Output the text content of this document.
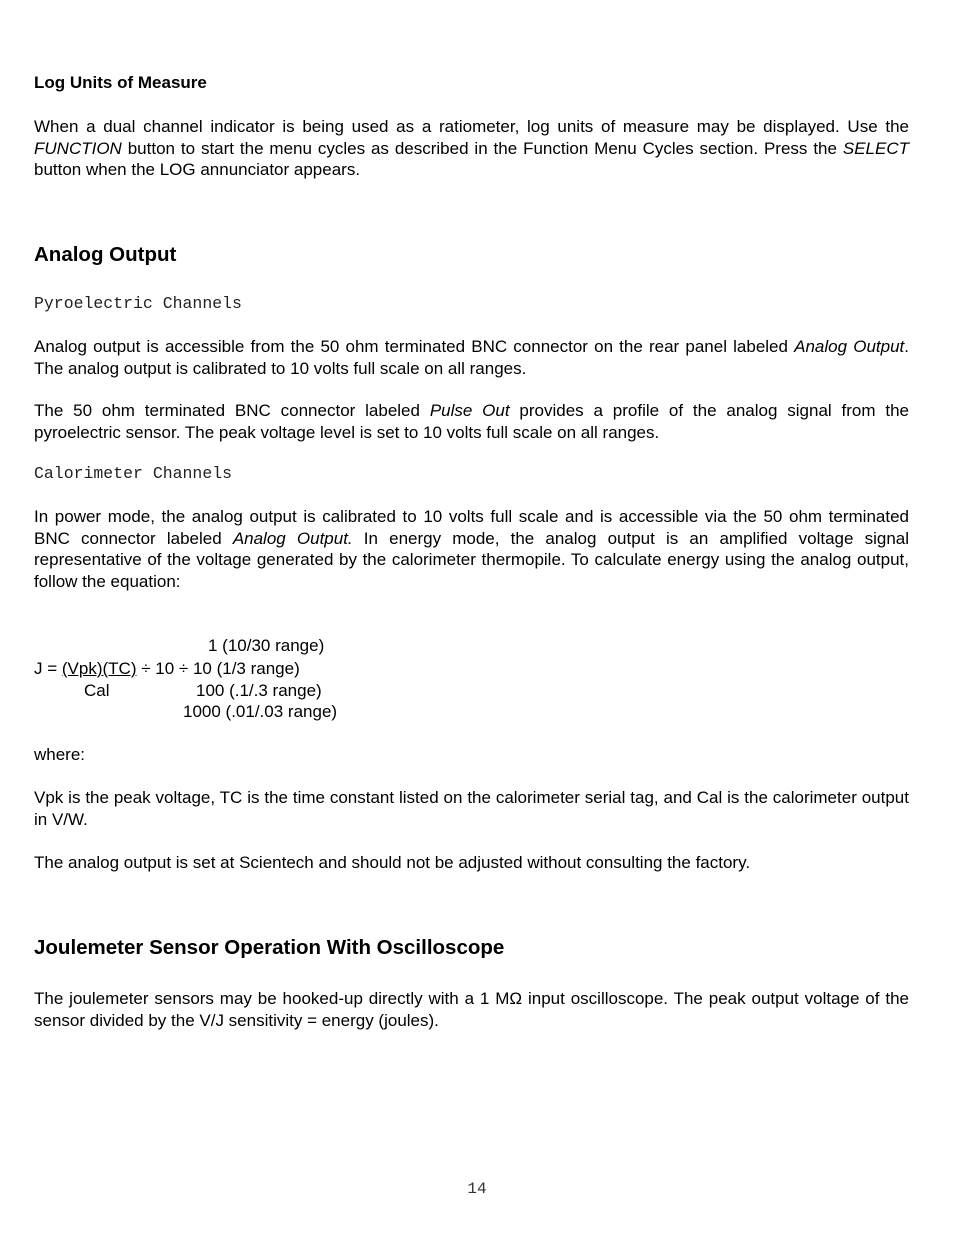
Log Units of Measure

When a dual channel indicator is being used as a ratiometer, log units of measure may be displayed. Use the FUNCTION button to start the menu cycles as described in the Function Menu Cycles section. Press the SELECT button when the LOG annunciator appears.

Analog Output

Pyroelectric Channels

Analog output is accessible from the 50 ohm terminated BNC connector on the rear panel labeled Analog Output. The analog output is calibrated to 10 volts full scale on all ranges.

The 50 ohm terminated BNC connector labeled Pulse Out provides a profile of the analog signal from the pyroelectric sensor. The peak voltage level is set to 10 volts full scale on all ranges.

Calorimeter Channels

In power mode, the analog output is calibrated to 10 volts full scale and is accessible via the 50 ohm terminated BNC connector labeled Analog Output. In energy mode, the analog output is an amplified voltage signal representative of the voltage generated by the calorimeter thermopile. To calculate energy using the analog output, follow the equation:

1 (10/30 range)
J = (Vpk)(TC) ÷ 10 ÷ 10 (1/3 range)
Cal	100 (.1/.3 range)
1000 (.01/.03 range)

where:

Vpk is the peak voltage, TC is the time constant listed on the calorimeter serial tag, and Cal is the calorimeter output in V/W.

The analog output is set at Scientech and should not be adjusted without consulting the factory.

Joulemeter Sensor Operation With Oscilloscope

The joulemeter sensors may be hooked-up directly with a 1 MΩ input oscilloscope. The peak output voltage of the sensor divided by the V/J sensitivity = energy (joules).

14
